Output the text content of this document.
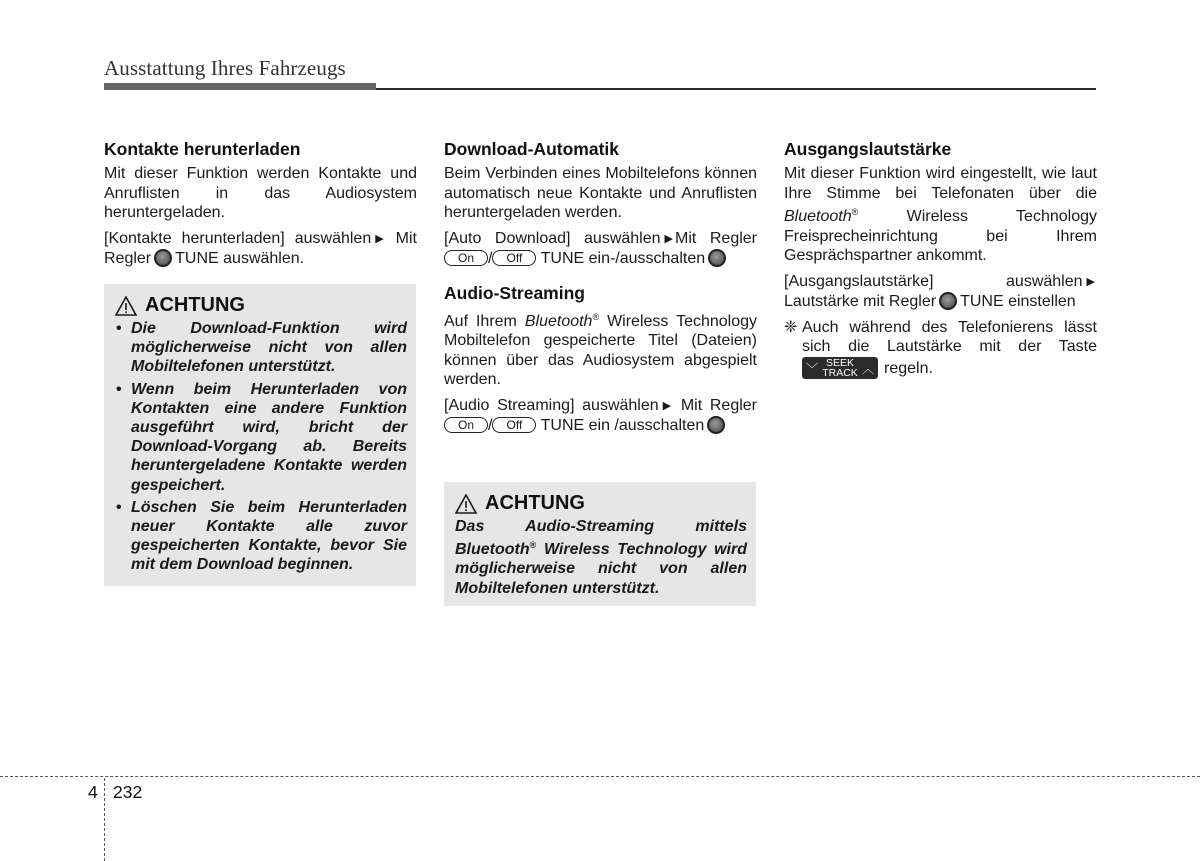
Ausstattung Ihres Fahrzeugs
Kontakte herunterladen

Mit dieser Funktion werden Kontakte und Anruflisten in das Audiosystem heruntergeladen.

[Kontakte herunterladen] auswählen ▶ Mit Regler TUNE auswählen.

ACHTUNG
• Die Download-Funktion wird möglicherweise nicht von allen Mobiltelefonen unterstützt.
• Wenn beim Herunterladen von Kontakten eine andere Funktion ausgeführt wird, bricht der Download-Vorgang ab. Bereits heruntergeladene Kontakte werden gespeichert.
• Löschen Sie beim Herunterladen neuer Kontakte alle zuvor gespeicherten Kontakte, bevor Sie mit dem Download beginnen.
Download-Automatik

Beim Verbinden eines Mobiltelefons können automatisch neue Kontakte und Anruflisten heruntergeladen werden.

[Auto Download] auswählen ▶ Mit Regler On / Off TUNE ein-/ausschalten

Audio-Streaming

Auf Ihrem Bluetooth® Wireless Technology Mobiltelefon gespeicherte Titel (Dateien) können über das Audiosystem abgespielt werden.

[Audio Streaming] auswählen ▶ Mit Regler On / Off TUNE ein /ausschalten

ACHTUNG

Das Audio-Streaming mittels Bluetooth® Wireless Technology wird möglicherweise nicht von allen Mobiltelefonen unterstützt.

Ausgangslautstärke

Mit dieser Funktion wird eingestellt, wie laut Ihre Stimme bei Telefonaten über die Bluetooth®	Wireless Technology Freisprecheinrichtung bei Ihrem Gesprächspartner ankommt.

[Ausgangslautstärke] auswählen ▶ Lautstärke mit Regler TUNE einstellen

❈ Auch während des Telefonierens lässt sich die Lautstärke mit der Taste
﹀ SEEK
TRACK ︿ regeln.

4 232
